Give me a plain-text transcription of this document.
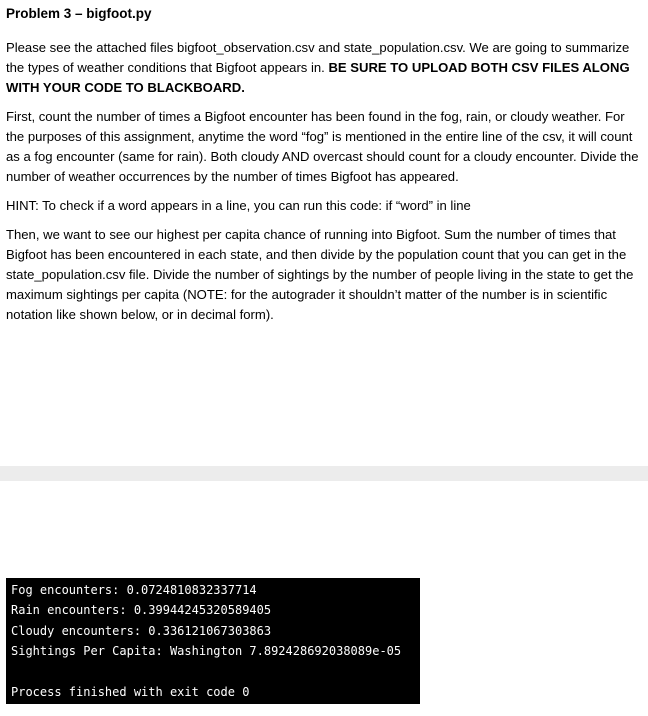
Problem 3 – bigfoot.py

Please see the attached files bigfoot_observation.csv and state_population.csv. We are going to summarize the types of weather conditions that Bigfoot appears in. BE SURE TO UPLOAD BOTH CSV FILES ALONG WITH YOUR CODE TO BLACKBOARD.

First, count the number of times a Bigfoot encounter has been found in the fog, rain, or cloudy weather. For the purposes of this assignment, anytime the word “fog” is mentioned in the entire line of the csv, it will count as a fog encounter (same for rain). Both cloudy AND overcast should count for a cloudy encounter. Divide the number of weather occurrences by the number of times Bigfoot has appeared.

HINT: To check if a word appears in a line, you can run this code: if “word” in line

Then, we want to see our highest per capita chance of running into Bigfoot. Sum the number of times that Bigfoot has been encountered in each state, and then divide by the population count that you can get in the state_population.csv file. Divide the number of sightings by the number of people living in the state to get the maximum sightings per capita (NOTE: for the autograder it shouldn’t matter of the number is in scientific notation like shown below, or in decimal form).

Fog encounters: 0.0724810832337714
Rain encounters: 0.39944245320589405
Cloudy encounters: 0.336121067303863
Sightings Per Capita: Washington 7.892428692038089e-05
Process finished with exit code 0
